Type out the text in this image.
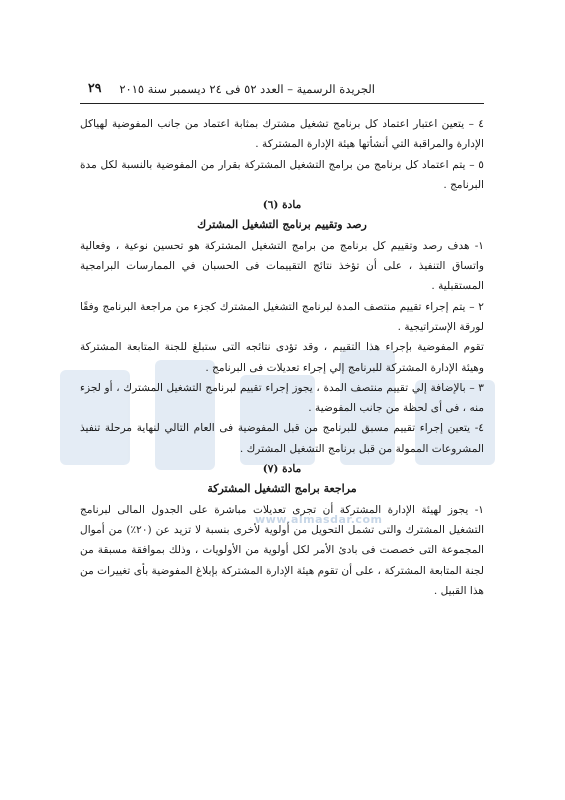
٢٩	الجريدة الرسمية – العدد ٥٢ فى ٢٤ ديسمبر سنة ٢٠١٥
www.almasdar.com

٤ – يتعين اعتبار اعتماد كل برنامج تشغيل مشترك بمثابة اعتماد من جانب المفوضية لهياكل الإدارة والمراقبة التي أنشأتها هيئة الإدارة المشتركة .

٥ – يتم اعتماد كل برنامج من برامج التشغيل المشتركة بقرار من المفوضية بالنسبة لكل مدة البرنامج .

مادة (٦)

رصد وتقييم برنامج التشغيل المشترك

١- هدف رصد وتقييم كل برنامج من برامج التشغيل المشتركة هو تحسين نوعية ، وفعالية واتساق التنفيذ ، على أن تؤخذ نتائج التقييمات فى الحسبان في الممارسات البرامجية المستقبلية .

٢ – يتم إجراء تقييم منتصف المدة لبرنامج التشغيل المشترك كجزء من مراجعة البرنامج وفقًا لورقة الإستراتيجية .

تقوم المفوضية بإجراء هذا التقييم ، وقد تؤدى نتائجه التى ستبلغ للجنة المتابعة المشتركة وهيئة الإدارة المشتركة للبرنامج إلي إجراء تعديلات فى البرنامج .

٣ – بالإضافة إلي تقييم منتصف المدة ، يجوز إجراء تقييم لبرنامج التشغيل المشترك ، أو لجزء منه ، فى أى لحظة من جانب المفوضية .

٤- يتعين إجراء تقييم مسبق للبرنامج من قبل المفوضية فى العام التالي لنهاية مرحلة تنفيذ المشروعات الممولة من قبل برنامج التشغيل المشترك .

مادة (٧)

مراجعة برامج التشغيل المشتركة

١- يجوز لهيئة الإدارة المشتركة أن تجرى تعديلات مباشرة على الجدول المالى لبرنامج التشغيل المشترك والتى تشمل التحويل من أولوية لأخرى بنسبة لا تزيد عن (٢٠٪) من أموال المجموعة التى خصصت فى بادئ الأمر لكل أولوية من الأولويات ، وذلك بموافقة مسبقة من لجنة المتابعة المشتركة ، على أن تقوم هيئة الإدارة المشتركة بإبلاغ المفوضية بأى تغييرات من هذا القبيل .
